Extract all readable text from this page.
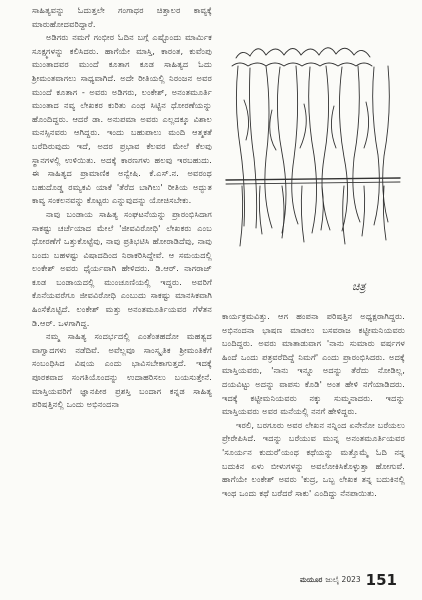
ಸಾಹಿತ್ಯವನ್ನು ಓದುತ್ತಲೇ ಗಂಗಾಧರ ಚಿತ್ತಾಲರ ಕಾವ್ಯಕ್ಕೆ ಮಾರುಹೋದವರಿದ್ದಾರೆ.

ಅಡಿಗರು ನಮಗೆ ಗಂಭೀರ ಓದಿನ ಬಗ್ಗೆ ಎಷ್ಟೊಂದು ಮಾರ್ಮಿಕ ಸೂಕ್ಷ್ಮಗಳನ್ನು ಕಲಿಸಿದರು. ಹಾಗೆಯೇ ಮಾಸ್ತಿ, ಕಾರಂತ, ಕುವೆಂಪು ಮುಂತಾದವರ ಮುಂದೆ ಕೂತಾಗ ಕೂಡ ಸಾಹಿತ್ಯದ ಓದು ಶ್ರೀಮಂತವಾಗಲು ಸಾಧ್ಯವಾಗಿದೆ. ಅದೇ ರೀತಿಯಲ್ಲಿ ನಿರಂಜನ ಅವರ ಮುಂದೆ ಕೂತಾಗ - ಅವರು ಅಡಿಗರು, ಲಂಕೇಶ್, ಅನಂತಮೂರ್ತಿ ಮುಂತಾದ ನವ್ಯ ಲೇಖಕರ ಕುರಿತು ಎಂಥ ಸಿಟ್ಟಿನ ಧೋರಣೆಯನ್ನು ಹೊಂದಿದ್ದರು. ಆದರೆ ಡಾ. ಅನುಪಮಾ ಅವರು ಎಲ್ಲದಕ್ಕೂ ವಿಶಾಲ ಮನಸ್ಸಿನವರು ಆಗಿದ್ದರು. ಇಂದು ಬಹುಪಾಲು ಮಂದಿ ಆತ್ಮಕತೆ ಬರೆದಿರುವುದು ಇದೆ, ಅದರ ಪ್ರಭಾವ ಕೆಲವರ ಮೇಲೆ ಕೆಲವು ಸ್ಥಾನಗಳಲ್ಲಿ ಉಳಿಯಿತು. ಅದಕ್ಕೆ ಕಾರಣಗಳು ಹಲವು ಇರಬಹುದು. ಈ ಸಾಹಿತ್ಯದ ಪ್ರಾಮಾಣಿಕ ಅನ್ವೇಷಿ. ಕೆ.ಎಸ್.ನ. ಅವರಂಥ ಬಹುದೊಡ್ಡ ರಮ್ಯಕವಿ ಯಾಕೆ 'ತೆರೆದ ಬಾಗಿಲು' ರೀತಿಯ ಅದ್ಭುತ ಕಾವ್ಯ ಸಂಕಲನವನ್ನು ಕೊಟ್ಟರು ಎನ್ನುವುದನ್ನು ಯೋಚಿಸಬೇಕು.

ನಾವು ಬಂಡಾಯ ಸಾಹಿತ್ಯ ಸಂಘಟನೆಯನ್ನು ಪ್ರಾರಂಭಿಸಿದಾಗ ಸಾಕಷ್ಟು ಚರ್ಚೆಯಾದ ಮೇಲೆ 'ಜೀವವಿರೋಧಿ' ಲೇಖಕರು ಎಂಬ ಧೋರಣೆಗೆ ಒತ್ತುಕೊಟ್ಟೆವು, ನಾವು ಪ್ರತಿಭಟಿಸಿ ಹೋರಾಡಿದೆವು, ನಾವು ಬಂದು ಬಹಳಷ್ಟು ವಿಷಾದದಿಂದ ನಿರಾಕರಿಸಿದ್ದೇವೆ. ಆ ಸಮಯದಲ್ಲಿ ಲಂಕೇಶ್ ಅವರು ಧೈರ್ಯವಾಗಿ ಹೇಳಿದರು. ಡಿ.ಆರ್. ನಾಗರಾಜ್ ಕೂಡ ಬಂಡಾಯದಲ್ಲಿ ಮುಂಚೂಣಿಯಲ್ಲಿ ಇದ್ದರು. ಅವರಿಗೆ ಕೊನೆಯವರೆಗೂ ಜೀವವಿರೋಧಿ ಎಂಬುದು ಸಾಕಷ್ಟು ಮಾನಸಿಕವಾಗಿ ಹಿಂಸೆಕೊಟ್ಟಿದೆ. ಲಂಕೇಶ್ ಮತ್ತು ಅನಂತಮೂರ್ತಿಯವರ ಗೆಳೆತನ ಡಿ.ಆರ್. ಒಳಗಾಗಿದ್ದ.

ನಮ್ಮ ಸಾಹಿತ್ಯ ಸಂದರ್ಭದಲ್ಲಿ ಎಂತೆಂತಹದೋ ಮಹತ್ವದ ವಾಗ್ವಾದಗಳು ನಡೆದಿವೆ. ಅವೆಲ್ಲವೂ ಸಾಂಸ್ಕೃತಿಕ ಶ್ರೀಮಂತಿಕೆಗೆ ಸಂಬಂಧಿಸಿದ ವಿಷಯ ಎಂದು ಭಾವಿಸಬೇಕಾಗುತ್ತದೆ. ಇದಕ್ಕೆ ಪೂರಕವಾದ ಸಂಗತಿಯೊಂದನ್ನು ಉದಾಹರಿಸಲು ಬಯಸುತ್ತೇನೆ. ಮಾಸ್ತಿಯವರಿಗೆ ಜ್ಞಾನಪೀಠ ಪ್ರಶಸ್ತಿ ಬಂದಾಗ ಕನ್ನಡ ಸಾಹಿತ್ಯ ಪರಿಷತ್ತಿನಲ್ಲಿ ಒಂದು ಅಭಿನಂದನಾ

ಚಿತ್ರ

ಕಾರ್ಯಕ್ರಮವಿತ್ತು. ಆಗ ಹಂಪನಾ ಪರಿಷತ್ತಿನ ಅಧ್ಯಕ್ಷರಾಗಿದ್ದರು. ಅಭಿನಂದನಾ ಭಾಷಣ ಮಾಡಲು ಬಸವರಾಜ ಕಟ್ಟೀಮನಿಯವರು ಬಂದಿದ್ದರು. ಅವರು ಮಾತಾಡುವಾಗ 'ನಾನು ಸುಮಾರು ವರ್ಷಗಳ ಹಿಂದೆ ಒಂದು ಪತ್ರವರೆದಿದ್ದೆ ನಿಮಗೆ' ಎಂದು ಪ್ರಾರಂಭಿಸಿದರು. ಅದಕ್ಕೆ ಮಾಸ್ತಿಯವರು, 'ನಾನು ಇನ್ನೂ ಅದನ್ನು ತೆರೆದು ನೋಡಿಲ್ಲ, ದಯವಿಟ್ಟು ಅದನ್ನು ವಾಪಸು ಕೊಡಿ' ಅಂತ ಹೇಳಿ ನಗೆಯಾಡಿದರು. ಇದಕ್ಕೆ ಕಟ್ಟೀಮನಿಯವರು ನಕ್ಕು ಸುಮ್ಮನಾದರು. ಇದನ್ನು ಮಾಸ್ತಿಯವರು ಅವರ ಮನೆಯಲ್ಲಿ ನನಗೆ ಹೇಳಿದ್ದರು.

ಇರಲಿ, ಬರಗೂರು ಅವರ ಲೇಖನ ನನ್ನಿಂದ ಏನೇನೋ ಬರೆಯಲು ಪ್ರೇರೇಪಿಸಿದೆ. ಇದನ್ನು ಬರೆಯುವ ಮುನ್ನ ಅನಂತಮೂರ್ತಿಯವರ 'ಸೂರ್ಯನ ಕುದುರೆ'ಯಂಥ ಕಥೆಯನ್ನು ಮತ್ತೊಮ್ಮೆ ಓದಿ ನನ್ನ ಬದುಕಿನ ಏಳು ಬೀಳುಗಳನ್ನು ಅವಲೋಕಿಸಿಕೊಳ್ಳುತ್ತಾ ಹೋಗುವೆ. ಹಾಗೆಯೇ ಲಂಕೇಶ್ ಅವರು 'ಕುದ್ರ, ಒಬ್ಬ ಲೇಖಕ ತನ್ನ ಬದುಕಿನಲ್ಲಿ ಇಂಥ ಒಂದು ಕಥೆ ಬರೆದರೆ ಸಾಕು' ಎಂದಿದ್ದು ನೆನಪಾಯಿತು.

ಮಯೂರ ಜುಲೈ 2023 151
